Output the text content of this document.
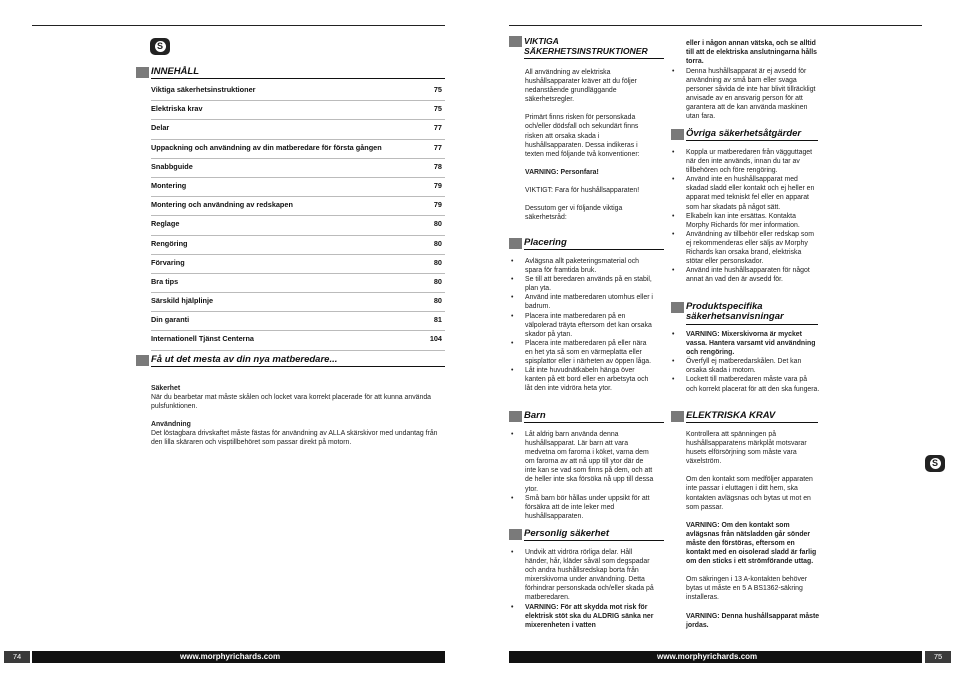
S
INNEHÅLL
Viktiga säkerhetsinstruktioner	75
Elektriska krav	75
Delar	77
Uppackning och användning av din matberedare för första gången	77
Snabbguide	78
Montering	79
Montering och användning av redskapen	79
Reglage	80
Rengöring	80
Förvaring	80
Bra tips	80
Särskild hjälplinje	80
Din garanti	81
Internationell Tjänst Centerna	104
Få ut det mesta av din nya matberedare...
Säkerhet
När du bearbetar mat måste skålen och locket vara korrekt placerade för att kunna använda pulsfunktionen.
Användning
Det löstagbara drivskaftet måste fästas för användning av ALLA skärskivor med undantag från den lilla skäraren och visptillbehöret som passar direkt på motorn.
74	www.morphyrichards.com
VIKTIGA SÄKERHETSINSTRUKTIONER

All användning av elektriska hushållsapparater kräver att du följer nedanstående grundläggande säkerhetsregler.

Primärt finns risken för personskada och/eller dödsfall och sekundärt finns risken att orsaka skada i hushållsapparaten. Dessa indikeras i texten med följande två konventioner:

VARNING: Personfara!

VIKTIGT: Fara för hushållsapparaten!

Dessutom ger vi följande viktiga säkerhetsråd:

Placering
• Avlägsna allt paketeringsmaterial och spara för framtida bruk.
• Se till att beredaren används på en stabil, plan yta.
• Använd inte matberedaren utomhus eller i badrum.
• Placera inte matberedaren på en välpolerad träyta eftersom det kan orsaka skador på ytan.
• Placera inte matberedaren på eller nära en het yta så som en värmeplatta eller spisplattor eller i närheten av öppen låga.
• Låt inte huvudnätkabeln hänga över kanten på ett bord eller en arbetsyta och låt den inte vidröra heta ytor.
Barn
• Låt aldrig barn använda denna hushållsapparat. Lär barn att vara medvetna om farorna i köket, varna dem om farorna av att nå upp till ytor där de inte kan se vad som finns på dem, och att de heller inte ska försöka nå upp till dessa ytor.
• Små barn bör hållas under uppsikt för att försäkra att de inte leker med hushållsapparaten.
Personlig säkerhet
• Undvik att vidröra rörliga delar. Håll händer, hår, kläder såväl som degspadar och andra hushållsredskap borta från mixerskivorna under användning. Detta förhindrar personskada och/eller skada på matberedaren.
• VARNING: För att skydda mot risk för elektrisk stöt ska du ALDRIG sänka ner mixerenheten i vatten
eller i någon annan vätska, och se alltid till att de elektriska anslutningarna hålls torra.
• Denna hushållsapparat är ej avsedd för användning av små barn eller svaga personer såvida de inte har blivit tillräckligt anvisade av en ansvarig person för att garantera att de kan använda maskinen utan fara.
Övriga säkerhetsåtgärder
• Koppla ur matberedaren från vägguttaget när den inte används, innan du tar av tillbehören och före rengöring.
• Använd inte en hushållsapparat med skadad sladd eller kontakt och ej heller en apparat med tekniskt fel eller en apparat som har skadats på något sätt.
• Elkabeln kan inte ersättas. Kontakta Morphy Richards för mer information.
• Användning av tillbehör eller redskap som ej rekommenderas eller säljs av Morphy Richards kan orsaka brand, elektriska stötar eller personskador.
• Använd inte hushållsapparaten för något annat än vad den är avsedd för.
Produktspecifika säkerhetsanvisningar
• VARNING: Mixerskivorna är mycket vassa. Hantera varsamt vid användning och rengöring.
• Överfyll ej matberedarskålen. Det kan orsaka skada i motorn.
• Lockett till matberedaren måste vara på och korrekt placerat för att den ska fungera.
ELEKTRISKA KRAV

Kontrollera att spänningen på hushållsapparatens märkplåt motsvarar husets elförsörjning som måste vara växelström.

Om den kontakt som medföljer apparaten inte passar i eluttagen i ditt hem, ska kontakten avlägsnas och bytas ut mot en som passar.

VARNING: Om den kontakt som avlägsnas från nätsladden går sönder måste den förstöras, eftersom en kontakt med en oisolerad sladd är farlig om den sticks i ett strömförande uttag.

Om säkringen i 13 A-kontakten behöver bytas ut måste en 5 A BS1362-säkring installeras.

VARNING: Denna hushållsapparat måste jordas.

S
www.morphyrichards.com	75
